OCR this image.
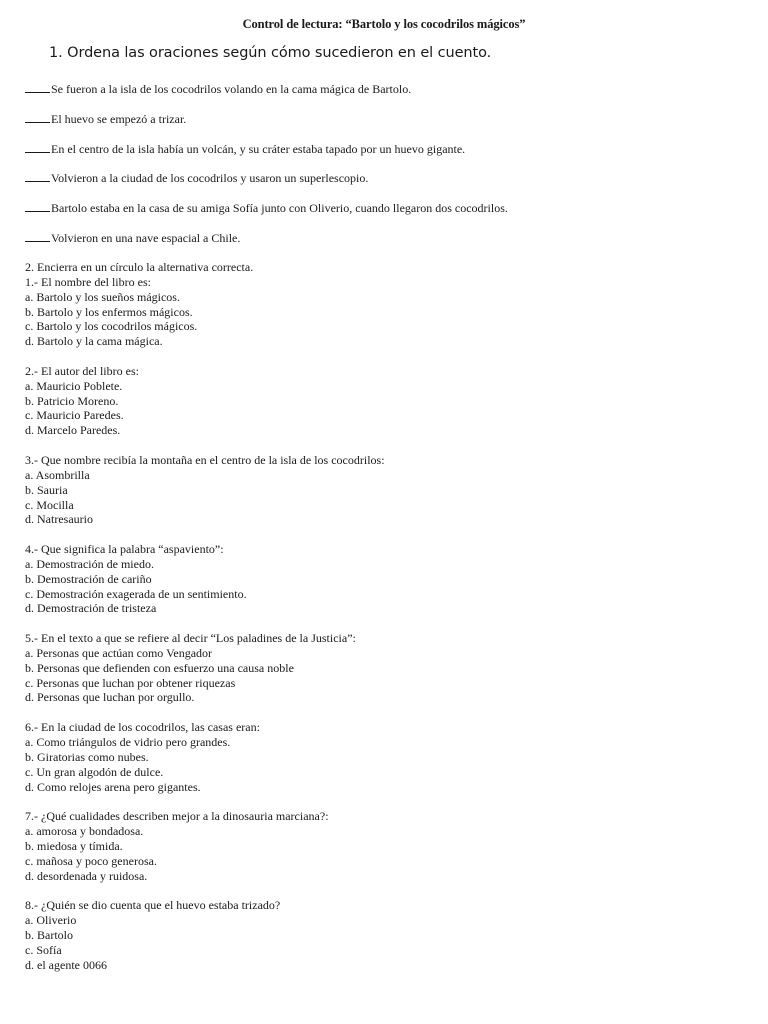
Control de lectura: “Bartolo y los cocodrilos mágicos”
1. Ordena las oraciones según cómo sucedieron en el cuento.
Se fueron a la isla de los cocodrilos volando en la cama mágica de Bartolo.
El huevo se empezó a trizar.
En el centro de la isla había un volcán, y su cráter estaba tapado por un huevo gigante.
Volvieron a la ciudad de los cocodrilos y usaron un superlescopio.
Bartolo estaba en la casa de su amiga Sofía junto con Oliverio, cuando llegaron dos cocodrilos.
Volvieron en una nave espacial a Chile.
2. Encierra en un círculo la alternativa correcta.
1.- El nombre del libro es:
a. Bartolo y los sueños mágicos.
b. Bartolo y los enfermos mágicos.
c. Bartolo y los cocodrilos mágicos.
d. Bartolo y la cama mágica.
2.- El autor del libro es:
a. Mauricio Poblete.
b. Patricio Moreno.
c. Mauricio Paredes.
d. Marcelo Paredes.
3.- Que nombre recibía la montaña en el centro de la isla de los cocodrilos:
a. Asombrilla
b. Sauria
c. Mocilla
d. Natresaurio
4.- Que significa la palabra “aspaviento”:
a. Demostración de miedo.
b. Demostración de cariño
c. Demostración exagerada de un sentimiento.
d. Demostración de tristeza
5.- En el texto a que se refiere al decir “Los paladines de la Justicia”:
a. Personas que actúan como Vengador
b. Personas que defienden con esfuerzo una causa noble
c. Personas que luchan por obtener riquezas
d. Personas que luchan por orgullo.
6.- En la ciudad de los cocodrilos, las casas eran:
a. Como triángulos de vidrio pero grandes.
b. Giratorias como nubes.
c. Un gran algodón de dulce.
d. Como relojes arena pero gigantes.
7.- ¿Qué cualidades describen mejor a la dinosauria marciana?:
a. amorosa y bondadosa.
b. miedosa y tímida.
c. mañosa y poco generosa.
d. desordenada y ruidosa.
8.- ¿Quién se dio cuenta que el huevo estaba trizado?
a. Oliverio
b. Bartolo
c. Sofía
d. el agente 0066
